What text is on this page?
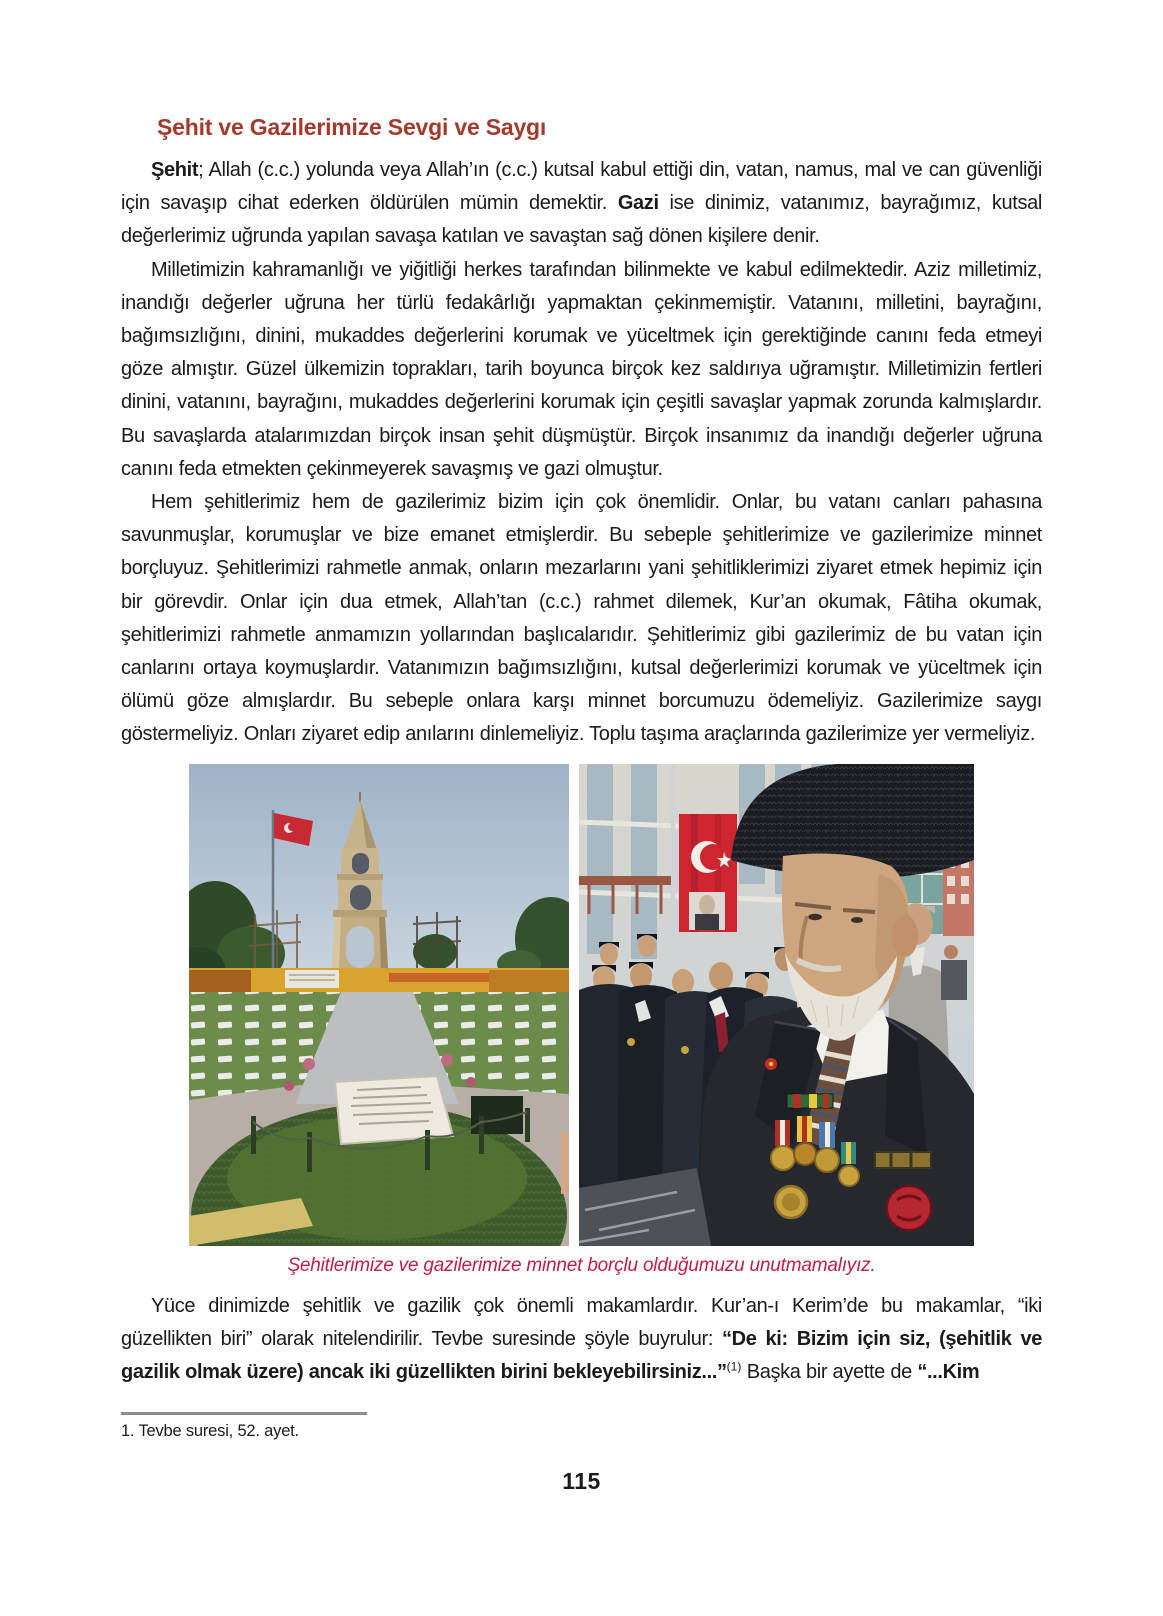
Şehit ve Gazilerimize Sevgi ve Saygı

Şehit; Allah (c.c.) yolunda veya Allah’ın (c.c.) kutsal kabul ettiği din, vatan, namus, mal ve can güvenliği için savaşıp cihat ederken öldürülen mümin demektir. Gazi ise dinimiz, vatanımız, bayrağımız, kutsal değerlerimiz uğrunda yapılan savaşa katılan ve savaştan sağ dönen kişilere denir.

Milletimizin kahramanlığı ve yiğitliği herkes tarafından bilinmekte ve kabul edilmektedir. Aziz milletimiz, inandığı değerler uğruna her türlü fedakârlığı yapmaktan çekinmemiştir. Vatanını, milletini, bayrağını, bağımsızlığını, dinini, mukaddes değerlerini korumak ve yüceltmek için gerektiğinde canını feda etmeyi göze almıştır. Güzel ülkemizin toprakları, tarih boyunca birçok kez saldırıya uğramıştır. Milletimizin fertleri dinini, vatanını, bayrağını, mukaddes değerlerini korumak için çeşitli savaşlar yapmak zorunda kalmışlardır. Bu savaşlarda atalarımızdan birçok insan şehit düşmüştür. Birçok insanımız da inandığı değerler uğruna canını feda etmekten çekinmeyerek savaşmış ve gazi olmuştur.

Hem şehitlerimiz hem de gazilerimiz bizim için çok önemlidir. Onlar, bu vatanı canları pahasına savunmuşlar, korumuşlar ve bize emanet etmişlerdir. Bu sebeple şehitlerimize ve gazilerimize minnet borçluyuz. Şehitlerimizi rahmetle anmak, onların mezarlarını yani şehitliklerimizi ziyaret etmek hepimiz için bir görevdir. Onlar için dua etmek, Allah’tan (c.c.) rahmet dilemek, Kur’an okumak, Fâtiha okumak, şehitlerimizi rahmetle anmamızın yollarından başlıcalarıdır. Şehitlerimiz gibi gazilerimiz de bu vatan için canlarını ortaya koymuşlardır. Vatanımızın bağımsızlığını, kutsal değerlerimizi korumak ve yüceltmek için ölümü göze almışlardır. Bu sebeple onlara karşı minnet borcumuzu ödemeliyiz. Gazilerimize saygı göstermeliyiz. Onları ziyaret edip anılarını dinlemeliyiz. Toplu taşıma araçlarında gazilerimize yer vermeliyiz.

Şehitlerimize ve gazilerimize minnet borçlu olduğumuzu unutmamalıyız.

Yüce dinimizde şehitlik ve gazilik çok önemli makamlardır. Kur’an-ı Kerim’de bu makamlar, “iki güzellikten biri” olarak nitelendirilir. Tevbe suresinde şöyle buyrulur: “De ki: Bizim için siz, (şehitlik ve gazilik olmak üzere) ancak iki güzellikten birini bekleyebilirsiniz...”$^{(1)}$ Başka bir ayette de “...Kim

1. Tevbe suresi, 52. ayet.
115
